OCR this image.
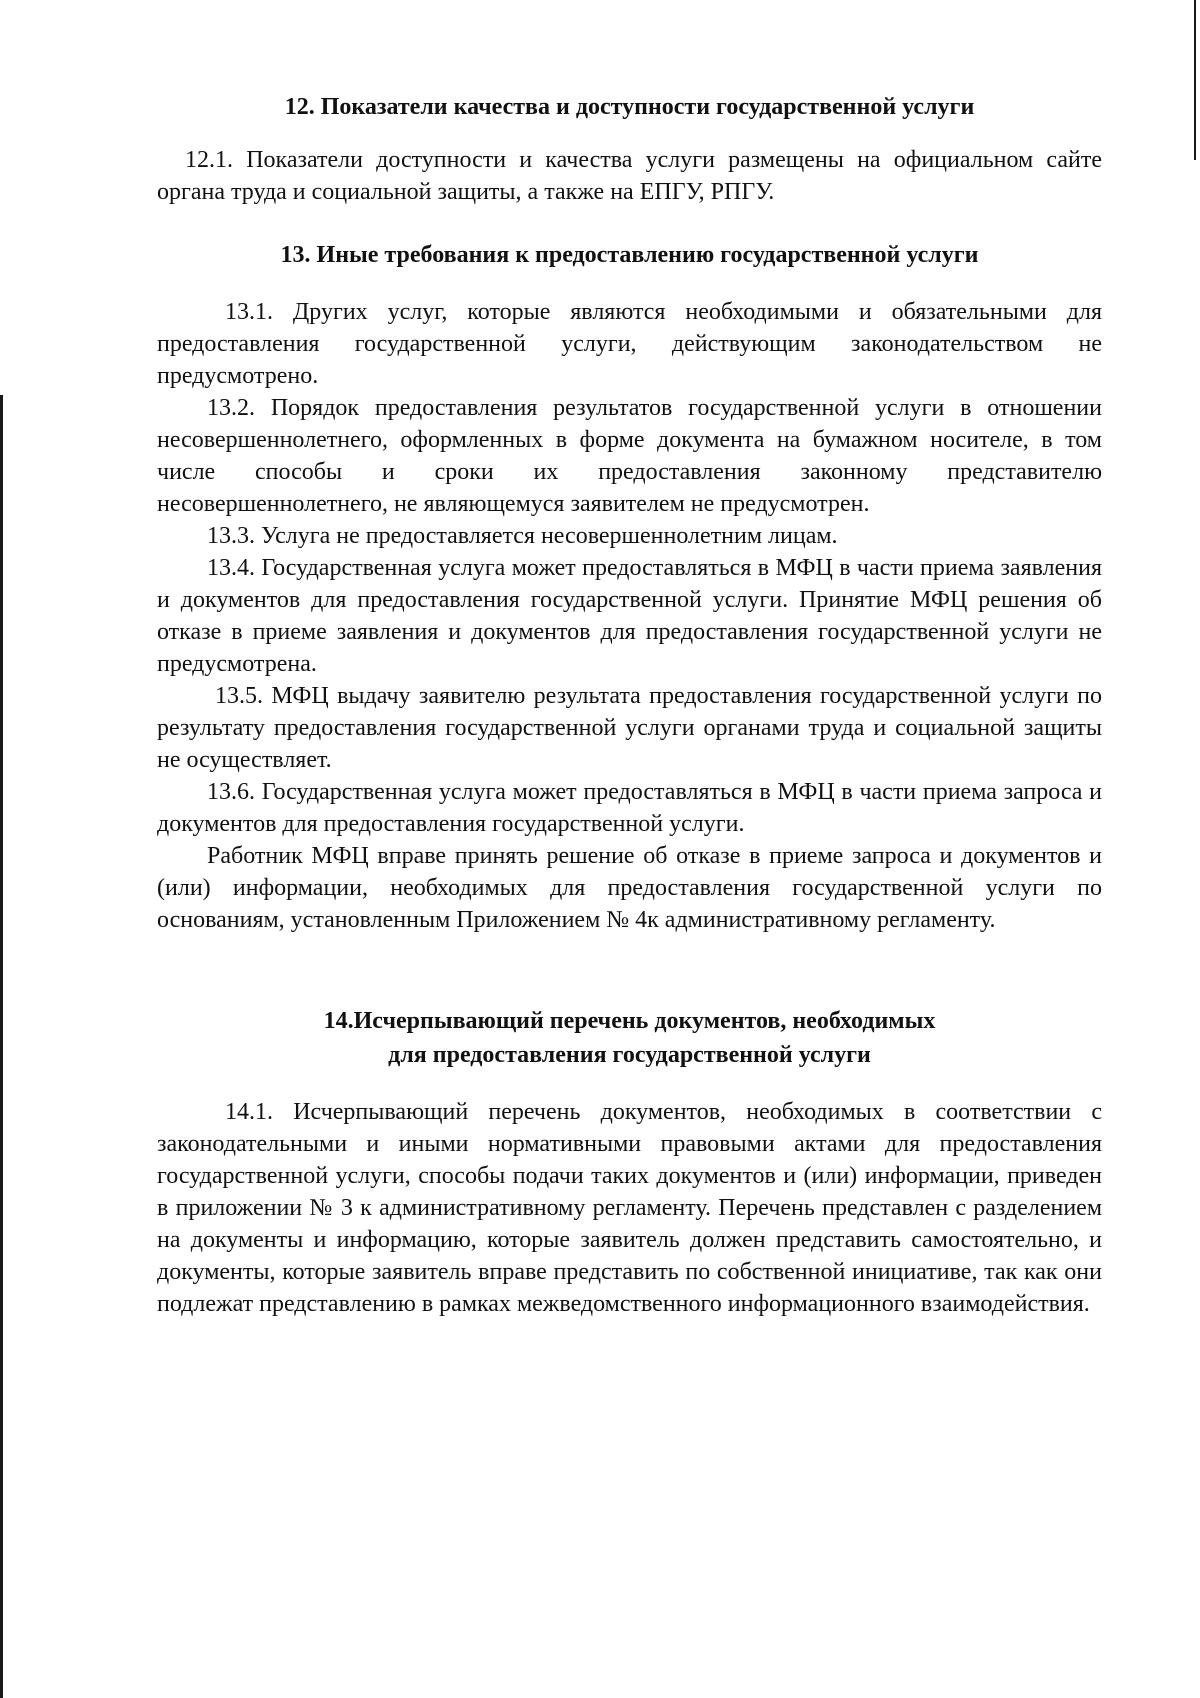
12. Показатели качества и доступности государственной услуги

12.1. Показатели доступности и качества услуги размещены на официальном сайте органа труда и социальной защиты, а также на ЕПГУ, РПГУ.

13. Иные требования к предоставлению государственной услуги

13.1. Других услуг, которые являются необходимыми и обязательными для предоставления государственной услуги, действующим законодательством не предусмотрено.

13.2. Порядок предоставления результатов государственной услуги в отношении несовершеннолетнего, оформленных в форме документа на бумажном носителе, в том числе способы и сроки их предоставления законному представителю несовершеннолетнего, не являющемуся заявителем не предусмотрен.

13.3. Услуга не предоставляется несовершеннолетним лицам.

13.4. Государственная услуга может предоставляться в МФЦ в части приема заявления и документов для предоставления государственной услуги. Принятие МФЦ решения об отказе в приеме заявления и документов для предоставления государственной услуги не предусмотрена.

13.5. МФЦ выдачу заявителю результата предоставления государственной услуги по результату предоставления государственной услуги органами труда и социальной защиты не осуществляет.

13.6. Государственная услуга может предоставляться в МФЦ в части приема запроса и документов для предоставления государственной услуги.

Работник МФЦ вправе принять решение об отказе в приеме запроса и документов и (или) информации, необходимых для предоставления государственной услуги по основаниям, установленным Приложением № 4к административному регламенту.

14.Исчерпывающий перечень документов, необходимых
для предоставления государственной услуги

14.1. Исчерпывающий перечень документов, необходимых в соответствии с законодательными и иными нормативными правовыми актами для предоставления государственной услуги, способы подачи таких документов и (или) информации, приведен в приложении № 3 к административному регламенту. Перечень представлен с разделением на документы и информацию, которые заявитель должен представить самостоятельно, и документы, которые заявитель вправе представить по собственной инициативе, так как они подлежат представлению в рамках межведомственного информационного взаимодействия.
